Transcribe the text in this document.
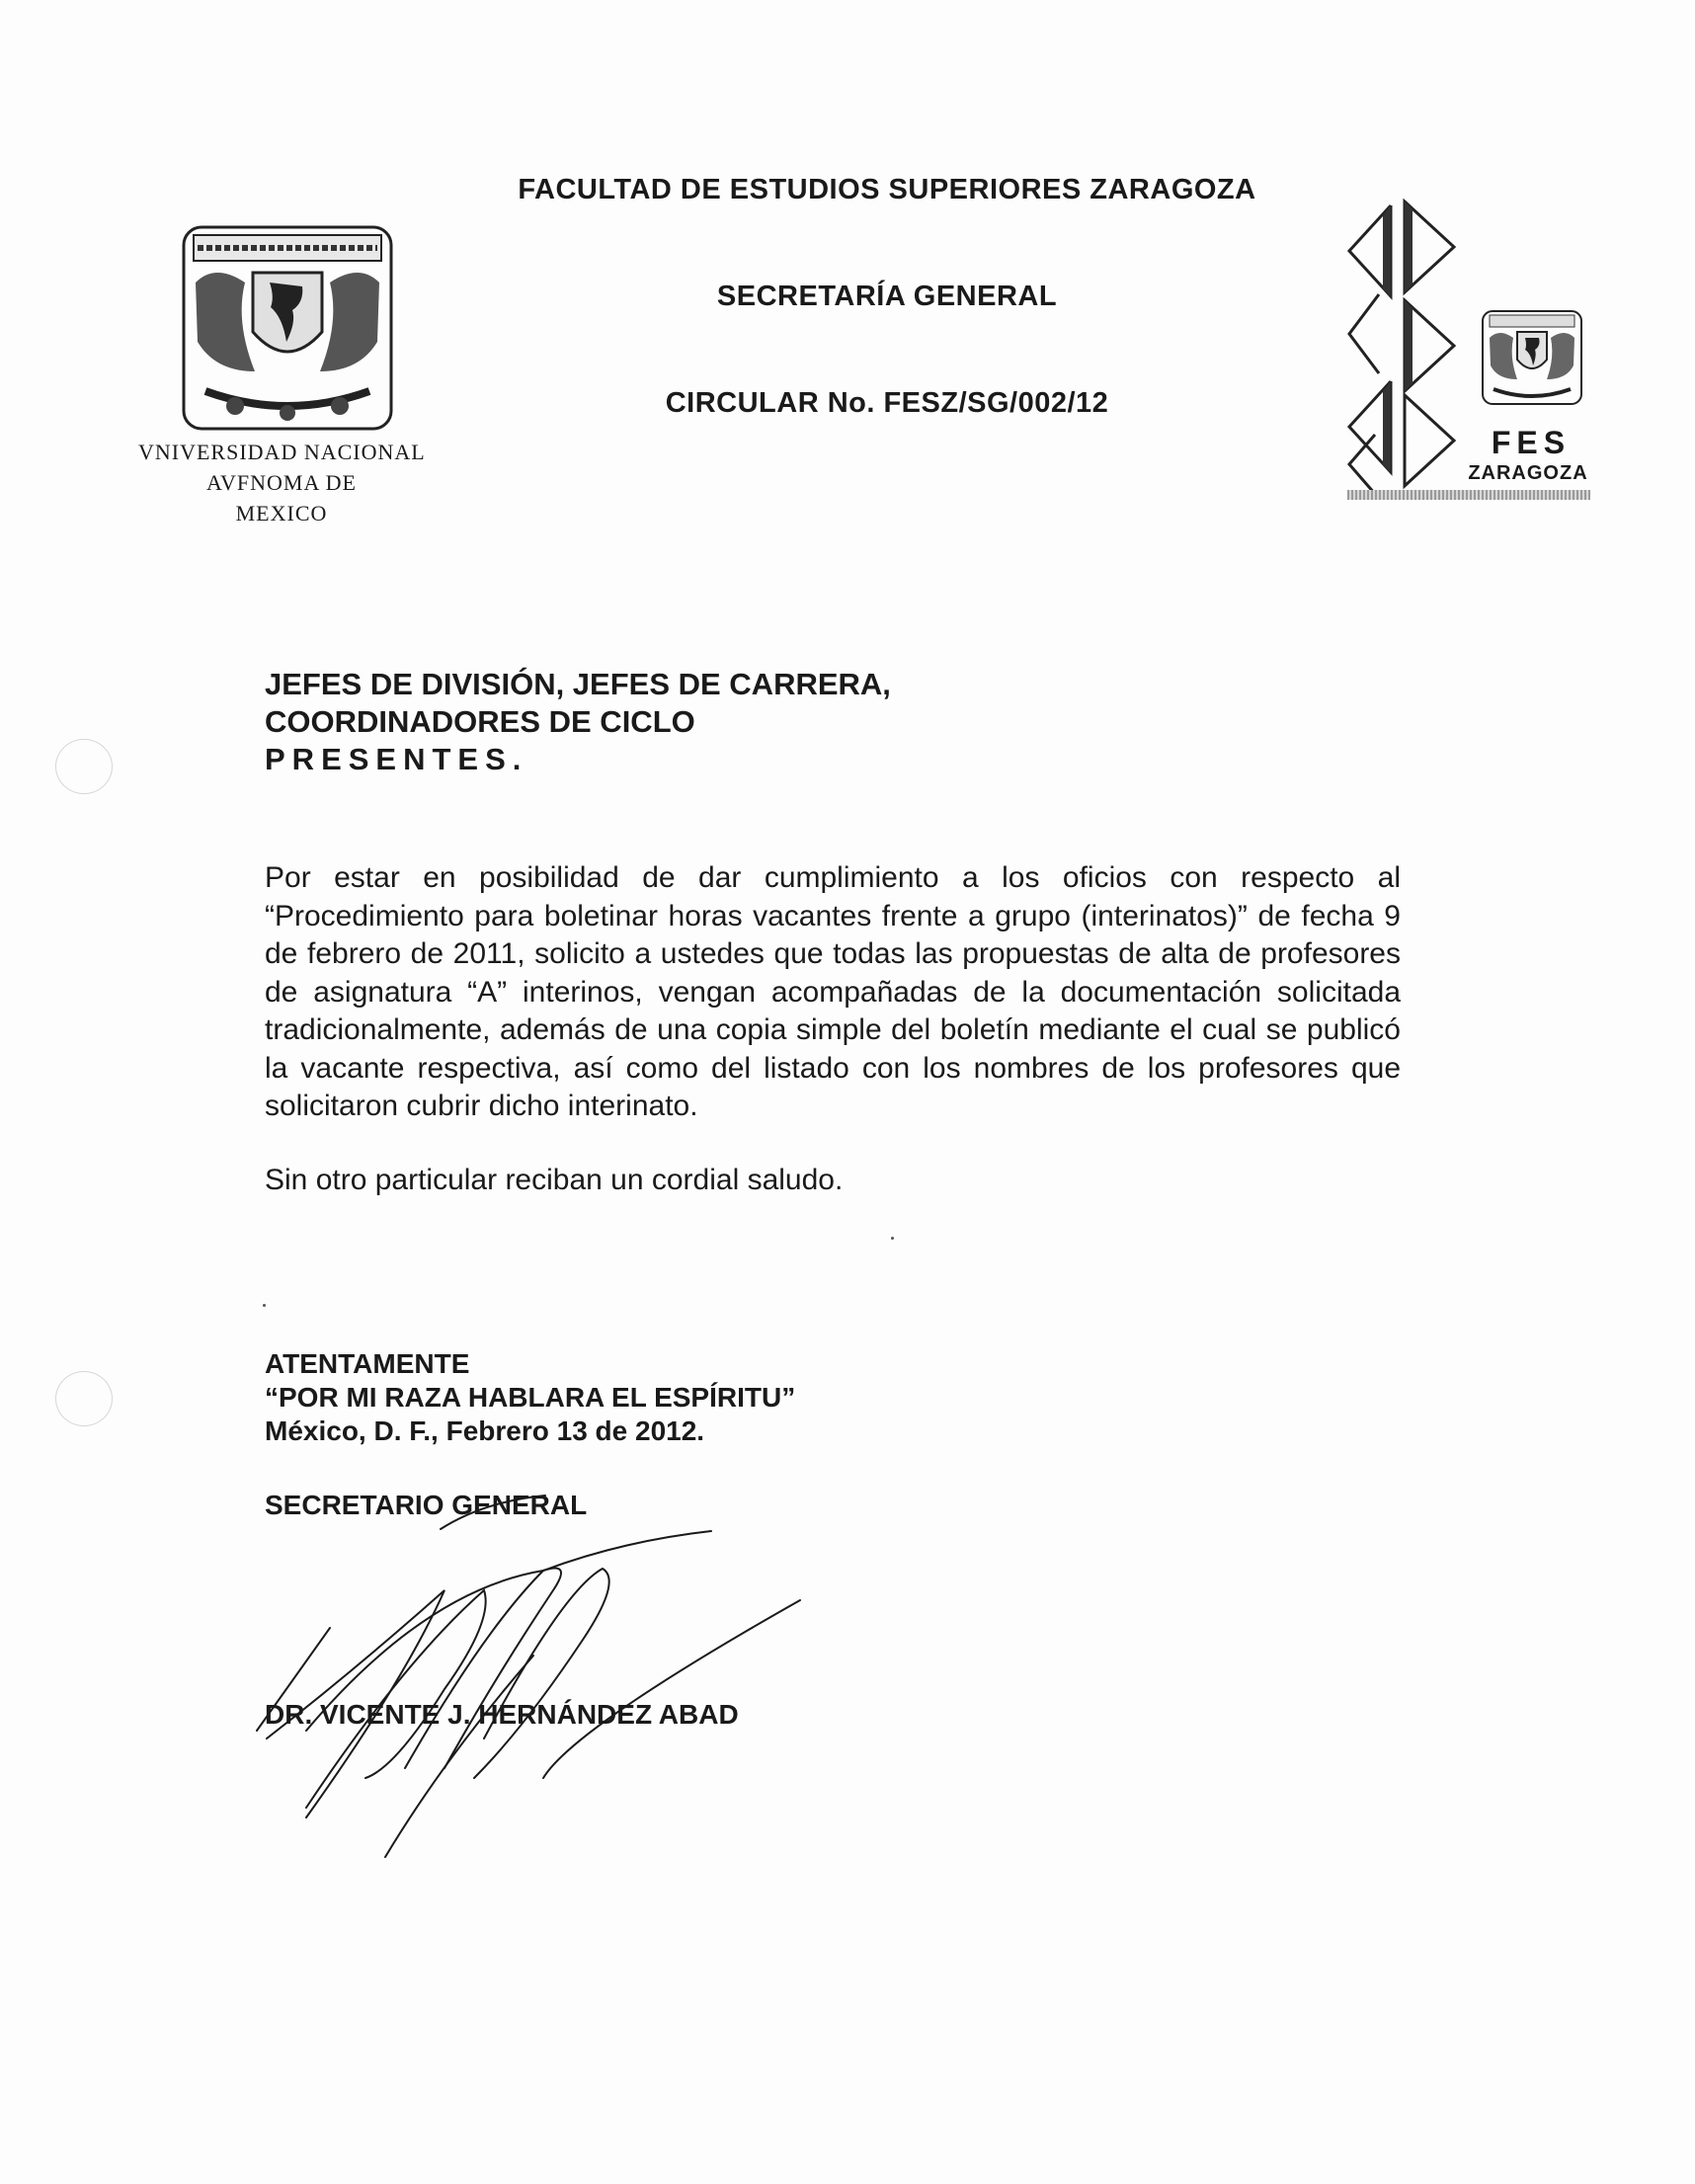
FACULTAD DE ESTUDIOS SUPERIORES ZARAGOZA
SECRETARÍA GENERAL
CIRCULAR No. FESZ/SG/002/12
VNIVERSIDAD NACIONAL
AVFNOMA DE
MEXICO
FES
ZARAGOZA
JEFES DE DIVISIÓN, JEFES DE CARRERA,
COORDINADORES DE CICLO
PRESENTES.
Por estar en posibilidad de dar cumplimiento a los oficios con respecto al “Procedimiento para boletinar horas vacantes frente a grupo (interinatos)” de fecha 9 de febrero de 2011, solicito a ustedes que todas las propuestas de alta de profesores de asignatura “A” interinos, vengan acompañadas de la documentación solicitada tradicionalmente, además de una copia simple del boletín mediante el cual se publicó la vacante respectiva, así como del listado con los nombres de los profesores que solicitaron cubrir dicho interinato.
Sin otro particular reciban un cordial saludo.
ATENTAMENTE
“POR MI RAZA HABLARA EL ESPÍRITU”
México, D. F., Febrero 13 de 2012.
SECRETARIO GENERAL
DR. VICENTE J. HERNÁNDEZ ABAD
